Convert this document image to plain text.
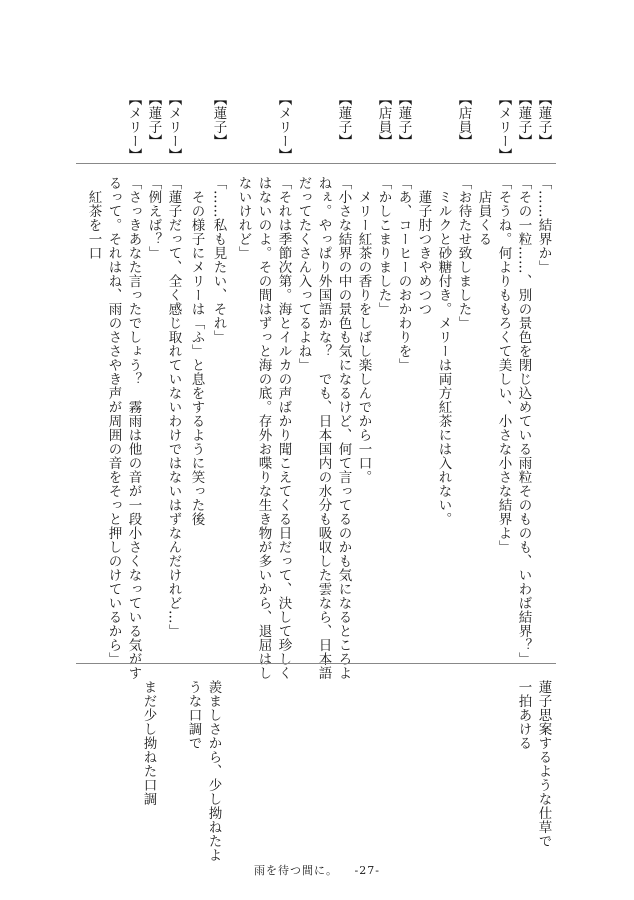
【蓮子】
【蓮子】
【メリー】
【店員】
【蓮子】
【店員】
【蓮子】
【メリー】
【蓮子】
【メリー】
【蓮子】
【メリー】
「……結界か」
「その一粒……、別の景色を閉じ込めている雨粒そのものも、いわば結界？」
「そうね。何よりももろくて美しい、小さな小さな結界よ」
　店員くる
「お待たせ致しました」
　ミルクと砂糖付き。メリーは両方紅茶には入れない。
　蓮子肘つきやめつつ
「あ、コーヒーのおかわりを」
「かしこまりました」
　メリー紅茶の香りをしばし楽しんでから一口。
「小さな結界の中の景色も気になるけど、何て言ってるのかも気になるところよ
ねぇ。やっぱり外国語かな？　でも、日本国内の水分も吸収した雲なら、日本語
だってたくさん入ってるよね」
「それは季節次第。海とイルカの声ばかり聞こえてくる日だって、決して珍しく
はないのよ。その間はずっと海の底。存外お喋りな生き物が多いから、退屈はし
ないけれど」
「……私も見たい、それ」
　その様子にメリーは「ふ」と息をするように笑った後
「蓮子だって、全く感じ取れていないわけではないはずなんだけれど…」
「例えば？」
「さっきあなた言ったでしょう？　霧雨は他の音が一段小さくなっている気がす
るって。それはね、雨のささやき声が周囲の音をそっと押しのけているから」
　紅茶を一口
蓮子思案するような仕草で
一拍あける
羨ましさから、少し拗ねたよ
うな口調で
まだ少し拗ねた口調
雨を待つ間に。 -27-
